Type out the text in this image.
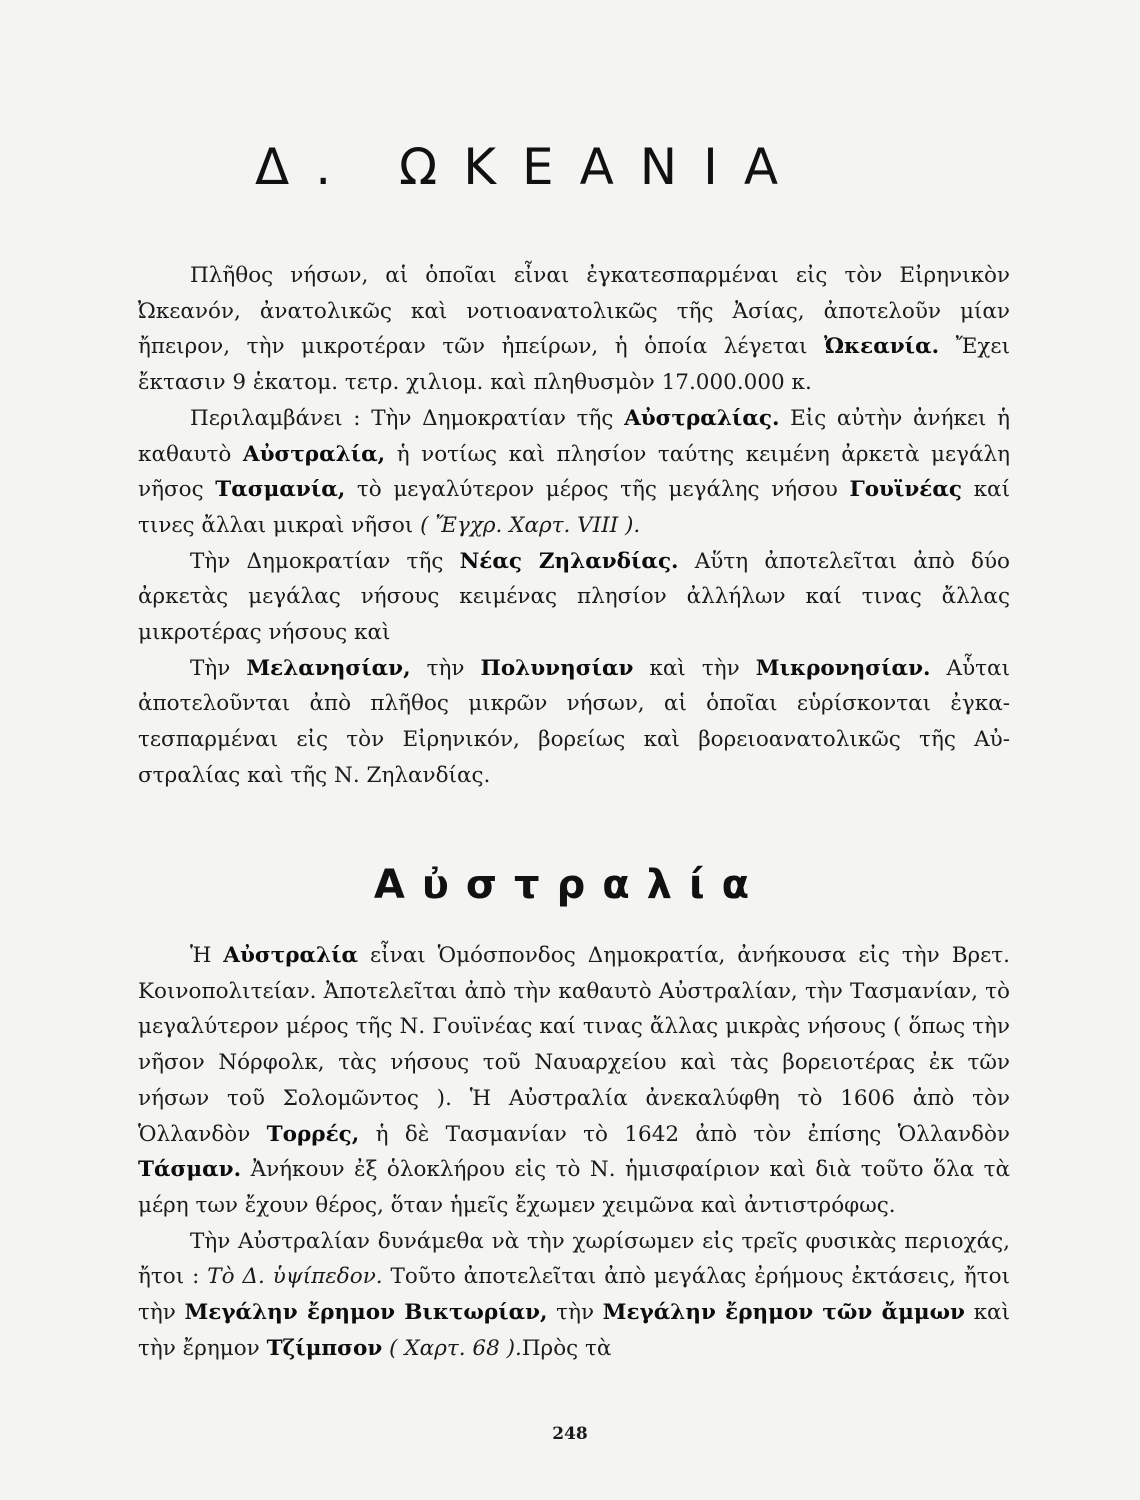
Δ. ΩΚΕΑΝΙΑ

Πλῆθος νήσων, αἱ ὁποῖαι εἶναι ἐγκατεσπαρμέναι εἰς τὸν Εἰρηνικὸν Ὠκεανόν, ἀνατολικῶς καὶ νοτιοανατολικῶς τῆς Ἀσίας, ἀποτελοῦν μίαν ἤπειρον, τὴν μικροτέραν τῶν ἠπείρων, ἡ ὁποία λέγεται Ὠκεανία. Ἔχει ἔκτασιν 9 ἑκατομ. τετρ. χιλιομ. καὶ πληθυσμὸν 17.000.000 κ.

Περιλαμβάνει : Τὴν Δημοκρατίαν τῆς Αὐστραλίας. Εἰς αὐτὴν ἀνήκει ἡ καθαυτὸ Αὐστραλία, ἡ νοτίως καὶ πλησίον ταύτης κειμένη ἀρκετὰ μεγάλη νῆσος Τασμανία, τὸ μεγαλύτερον μέρος τῆς μεγάλης νήσου Γουϊνέας καί τινες ἄλλαι μικραὶ νῆσοι ( Ἔγχρ. Χαρτ. VIII ).

Τὴν Δημοκρατίαν τῆς Νέας Ζηλανδίας. Αὕτη ἀποτελεῖται ἀπὸ δύο ἀρκετὰς μεγάλας νήσους κειμένας πλησίον ἀλλήλων καί τινας ἄλλας μικροτέρας νήσους καὶ

Τὴν Μελανησίαν, τὴν Πολυνησίαν καὶ τὴν Μικρονησίαν. Αὗται ἀποτελοῦνται ἀπὸ πλῆθος μικρῶν νήσων, αἱ ὁποῖαι εὑρίσκονται ἐγκατεσπαρμέναι εἰς τὸν Εἰρηνικόν, βορείως καὶ βορειοανατολικῶς τῆς Αὐστραλίας καὶ τῆς Ν. Ζηλανδίας.

Αὐστραλία

Ἡ Αὐστραλία εἶναι Ὁμόσπονδος Δημοκρατία, ἀνήκουσα εἰς τὴν Βρετ. Κοινοπολιτείαν. Ἀποτελεῖται ἀπὸ τὴν καθαυτὸ Αὐστραλίαν, τὴν Τασμανίαν, τὸ μεγαλύτερον μέρος τῆς Ν. Γουϊνέας καί τινας ἄλλας μικρὰς νήσους ( ὅπως τὴν νῆσον Νόρφολκ, τὰς νήσους τοῦ Ναυαρχείου καὶ τὰς βορειοτέρας ἐκ τῶν νήσων τοῦ Σολομῶντος ). Ἡ Αὐστραλία ἀνεκαλύφθη τὸ 1606 ἀπὸ τὸν Ὁλλανδὸν Τορρές, ἡ δὲ Τασμανίαν τὸ 1642 ἀπὸ τὸν ἐπίσης Ὁλλανδὸν Τάσμαν. Ἀνήκουν ἐξ ὁλοκλήρου εἰς τὸ Ν. ἡμισφαίριον καὶ διὰ τοῦτο ὅλα τὰ μέρη των ἔχουν θέρος, ὅταν ἡμεῖς ἔχωμεν χειμῶνα καὶ ἀντιστρόφως.

Τὴν Αὐστραλίαν δυνάμεθα νὰ τὴν χωρίσωμεν εἰς τρεῖς φυσικὰς περιοχάς, ἤτοι : Τὸ Δ. ὑψίπεδον. Τοῦτο ἀποτελεῖται ἀπὸ μεγάλας ἐρήμους ἐκτάσεις, ἤτοι τὴν Μεγάλην ἔρημον Βικτωρίαν, τὴν Μεγάλην ἔρημον τῶν ἄμμων καὶ τὴν ἔρημον Τζίμπσον ( Χαρτ. 68 ).Πρὸς τὰ

248
